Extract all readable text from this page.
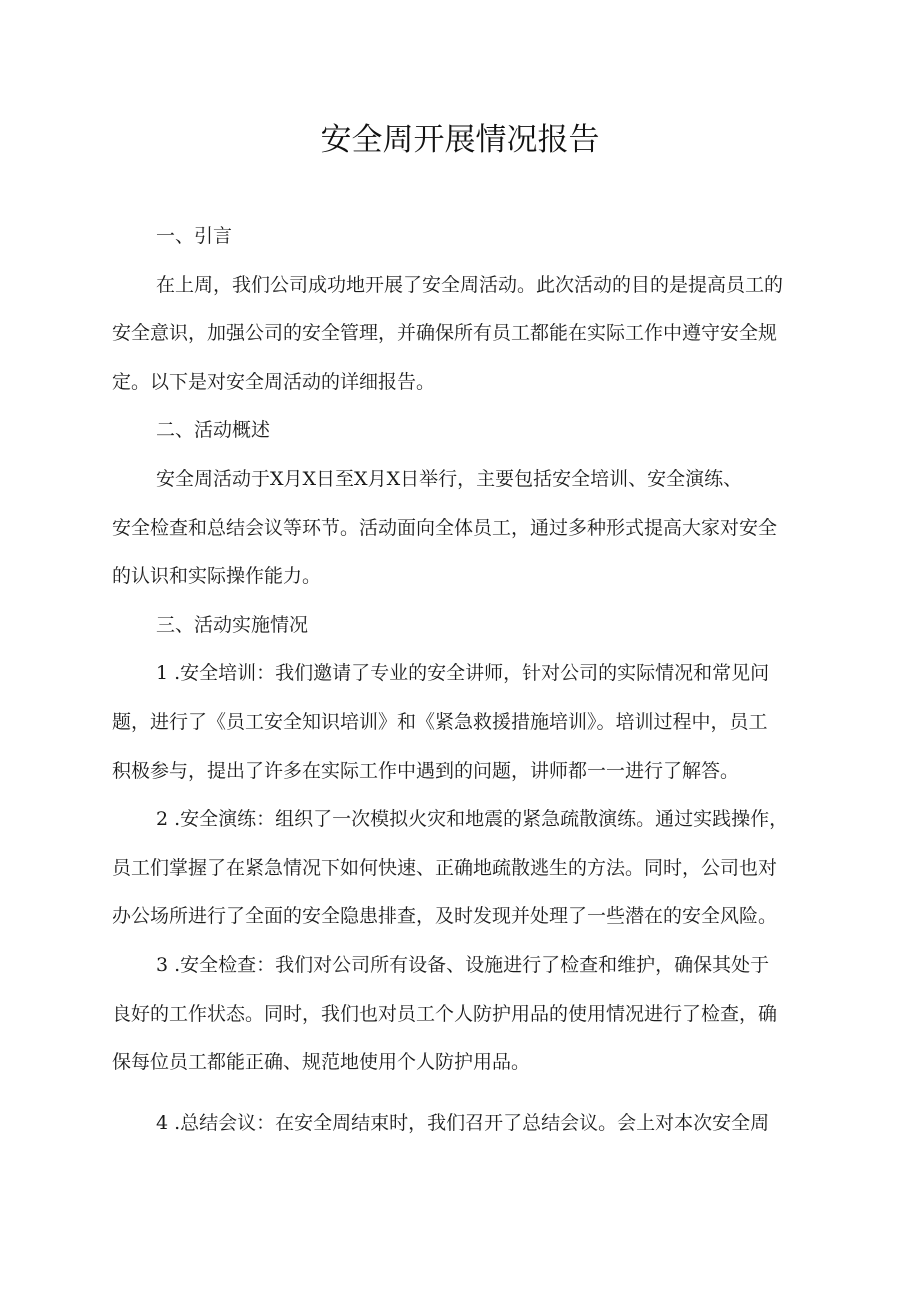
安全周开展情况报告

一、引言

在上周，我们公司成功地开展了安全周活动。此次活动的目的是提高员工的
安全意识，加强公司的安全管理，并确保所有员工都能在实际工作中遵守安全规
定。以下是对安全周活动的详细报告。

二、活动概述

安全周活动于X月X日至X月X日举行，主要包括安全培训、安全演练、
安全检查和总结会议等环节。活动面向全体员工，通过多种形式提高大家对安全
的认识和实际操作能力。

三、活动实施情况

1 .安全培训：我们邀请了专业的安全讲师，针对公司的实际情况和常见问
题，进行了《员工安全知识培训》和《紧急救援措施培训》。培训过程中，员工
积极参与，提出了许多在实际工作中遇到的问题，讲师都一一进行了解答。

2 .安全演练：组织了一次模拟火灾和地震的紧急疏散演练。通过实践操作，
员工们掌握了在紧急情况下如何快速、正确地疏散逃生的方法。同时，公司也对
办公场所进行了全面的安全隐患排查，及时发现并处理了一些潜在的安全风险。

3 .安全检查：我们对公司所有设备、设施进行了检查和维护，确保其处于
良好的工作状态。同时，我们也对员工个人防护用品的使用情况进行了检查，确
保每位员工都能正确、规范地使用个人防护用品。

4 .总结会议：在安全周结束时，我们召开了总结会议。会上对本次安全周
